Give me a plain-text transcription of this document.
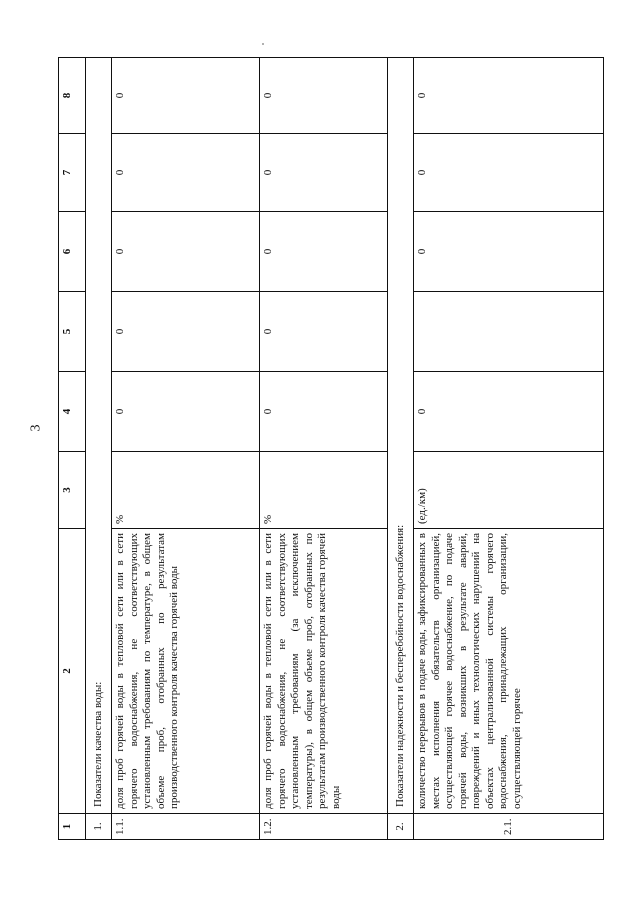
3
1	2	3	4	5	6	7	8
1.	Показатели качества воды:						
1.1.	доля проб горячей воды в тепловой сети или в сети горячего водоснабжения, не соответствующих установленным требованиям по температуре, в общем объеме проб, отобранных по результатам производственного контроля качества горячей воды	%	0	0	0	0	0
1.2.	доля проб горячей воды в тепловой сети или в сети горячего водоснабжения, не соответствующих установленным требованиям (за исключением температуры), в общем объеме проб, отобранных по результатам производственного контроля качества горячей воды	%	0	0	0	0	0
2.	Показатели надежности и бесперебойности водоснабжения:						
2.1.	количество перерывов в подаче воды, зафиксированных в местах исполнения обязательств организацией, осуществляющей горячее водоснабжение, по подаче горячей воды, возникших в результате аварий, повреждений и иных технологических нарушений на объектах централизованной системы горячего водоснабжения, принадлежащих организации, осуществляющей горячее	(ед./км)	0		0	0	0
